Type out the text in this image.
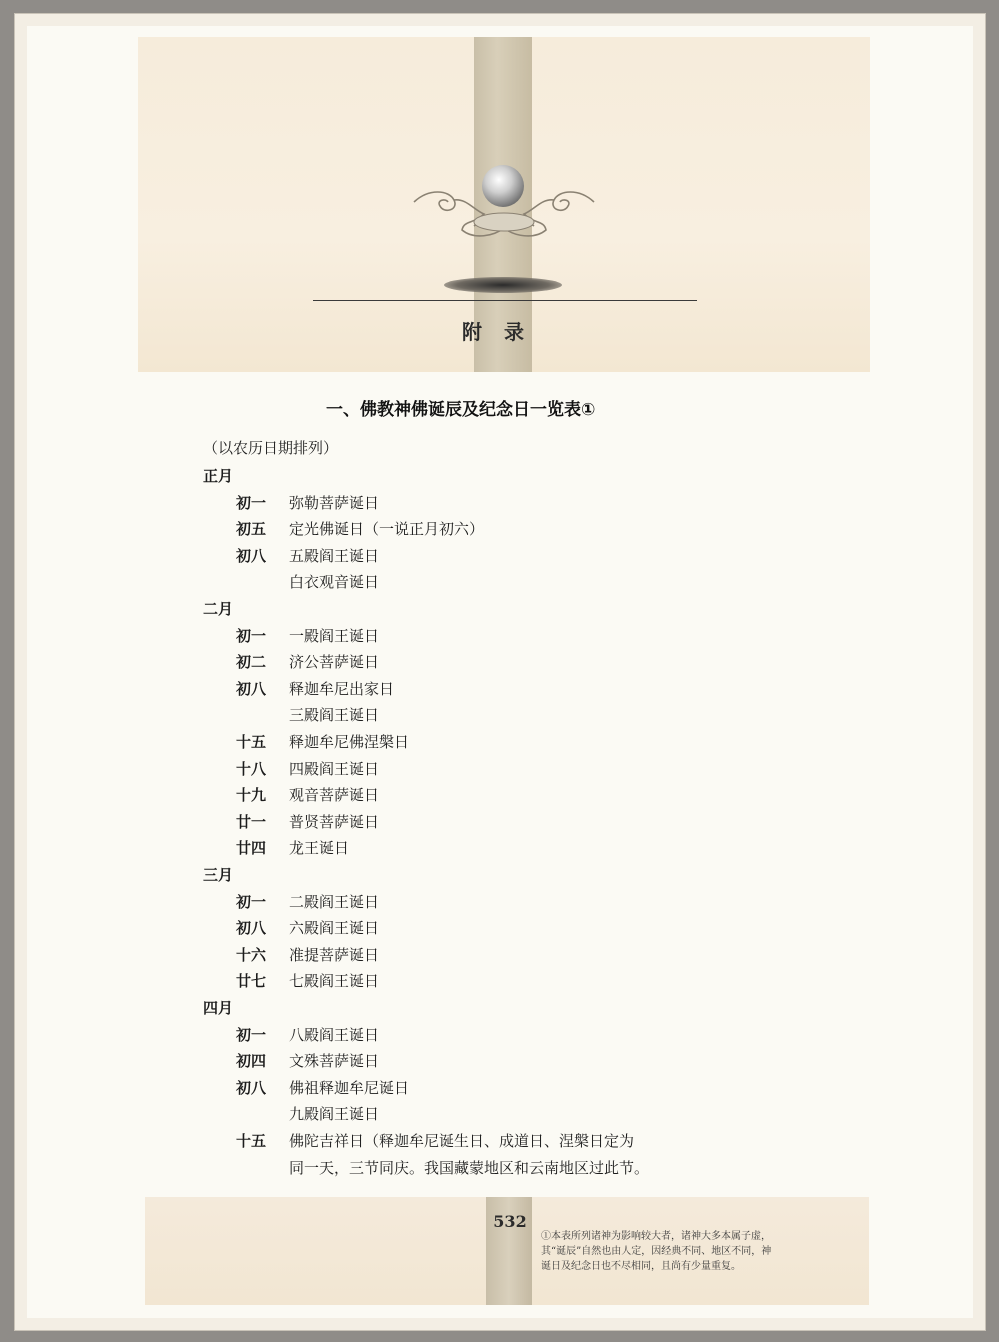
附录
一、佛教神佛诞辰及纪念日一览表①
（以农历日期排列）
正月
初一	弥勒菩萨诞日
初五	定光佛诞日（一说正月初六）
初八	五殿阎王诞日
白衣观音诞日
二月
初一	一殿阎王诞日
初二	济公菩萨诞日
初八	释迦牟尼出家日
三殿阎王诞日
十五	释迦牟尼佛涅槃日
十八	四殿阎王诞日
十九	观音菩萨诞日
廿一	普贤菩萨诞日
廿四	龙王诞日
三月
初一	二殿阎王诞日
初八	六殿阎王诞日
十六	准提菩萨诞日
廿七	七殿阎王诞日
四月
初一	八殿阎王诞日
初四	文殊菩萨诞日
初八	佛祖释迦牟尼诞日
九殿阎王诞日
十五	佛陀吉祥日（释迦牟尼诞生日、成道日、涅槃日定为
同一天，三节同庆。我国藏蒙地区和云南地区过此节。
532

①本表所列诸神为影响较大者，诸神大多本属子虚，

其“诞辰”自然也由人定，因经典不同、地区不同，神

诞日及纪念日也不尽相同，且尚有少量重复。
